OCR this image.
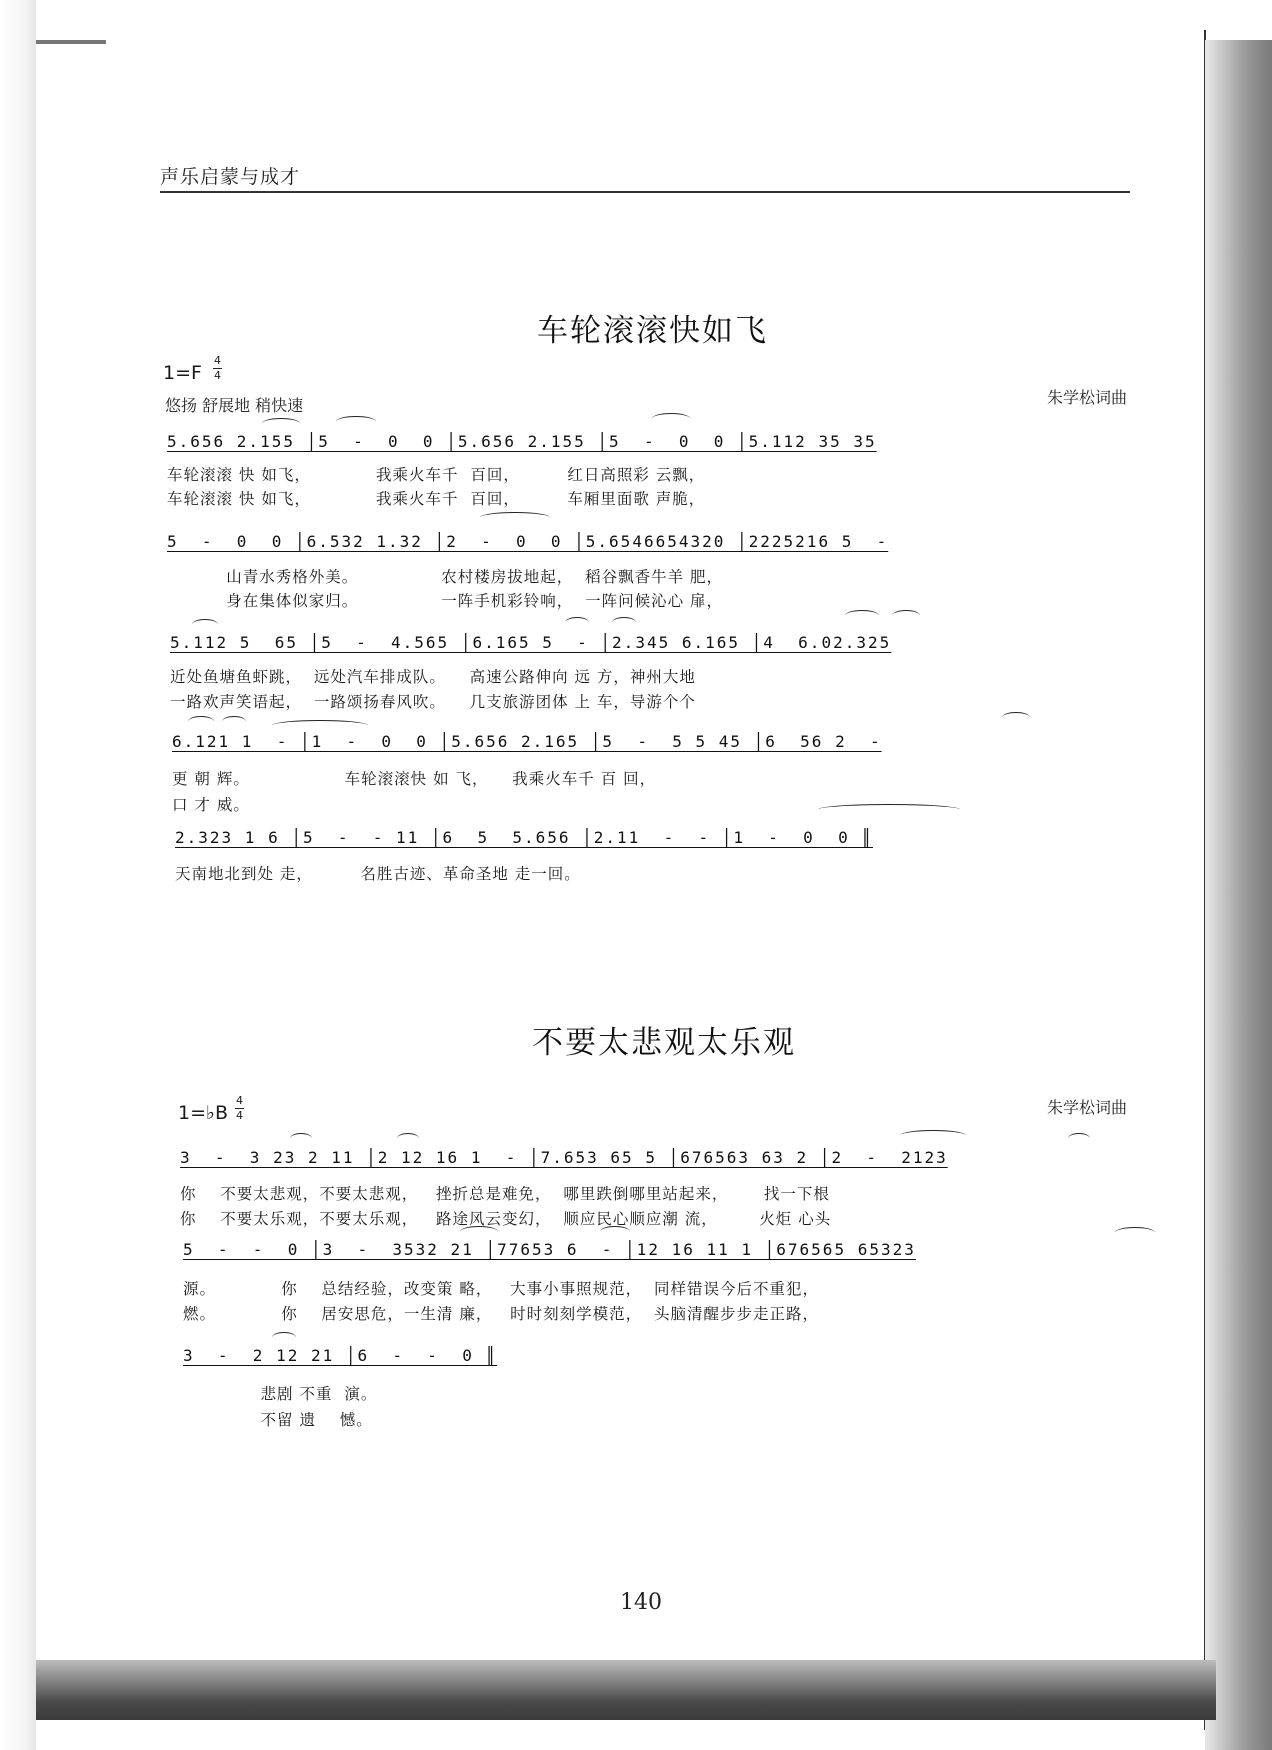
声乐启蒙与成才
车轮滚滚快如飞
1=F
4
4
悠扬 舒展地 稍快速	朱学松词曲
5.656 2.155 │5  -  0  0 │5.656 2.155 │5  -  0  0 │5.112 35 35
车轮滚滚 快 如飞，           我乘火车千  百回，        红日高照彩 云飘，
车轮滚滚 快 如飞，           我乘火车千  百回，        车厢里面歌 声脆，
5  -  0  0 │6.532 1.32 │2  -  0  0 │5.6546654320 │2225216 5  -
山青水秀格外美。              农村楼房拔地起，  稻谷飘香牛羊 肥，
身在集体似家归。              一阵手机彩铃响，  一阵问候沁心 扉，
5.112 5  65 │5  -  4.565 │6.165 5  - │2.345 6.165 │4  6.02.325
近处鱼塘鱼虾跳，  远处汽车排成队。    高速公路伸向 远 方，神州大地
一路欢声笑语起，  一路颂扬春风吹。    几支旅游团体 上 车，导游个个
6.121 1  - │1  -  0  0 │5.656 2.165 │5  -  5 5 45 │6  56 2  -
更 朝 辉。                车轮滚滚快 如 飞，    我乘火车千 百 回，
口 才 威。
2.323 1 6 │5  -  - 11 │6  5  5.656 │2.11  -  - │1  -  0  0 ║
天南地北到处 走，        名胜古迹、革命圣地 走一回。
不要太悲观太乐观
1=♭B
4
4	朱学松词曲
3  -  3 23 2 11 │2 12 16 1  - │7.653 65 5 │676563 63 2 │2  -  2123
你    不要太悲观，不要太悲观，   挫折总是难免，  哪里跌倒哪里站起来，      找一下根
你    不要太乐观，不要太乐观，   路途风云变幻，  顺应民心顺应潮 流，       火炬 心头
5  -  -  0 │3  -  3532 21 │77653 6  - │12 16 11 1 │676565 65323
源。           你    总结经验，改变策 略，   大事小事照规范，  同样错误今后不重犯，
燃。           你    居安思危，一生清 廉，   时时刻刻学模范，  头脑清醒步步走正路，
3  -  2 12 21 │6  -  -  0 ║
悲剧 不重  演。
不留 遗    憾。
140
